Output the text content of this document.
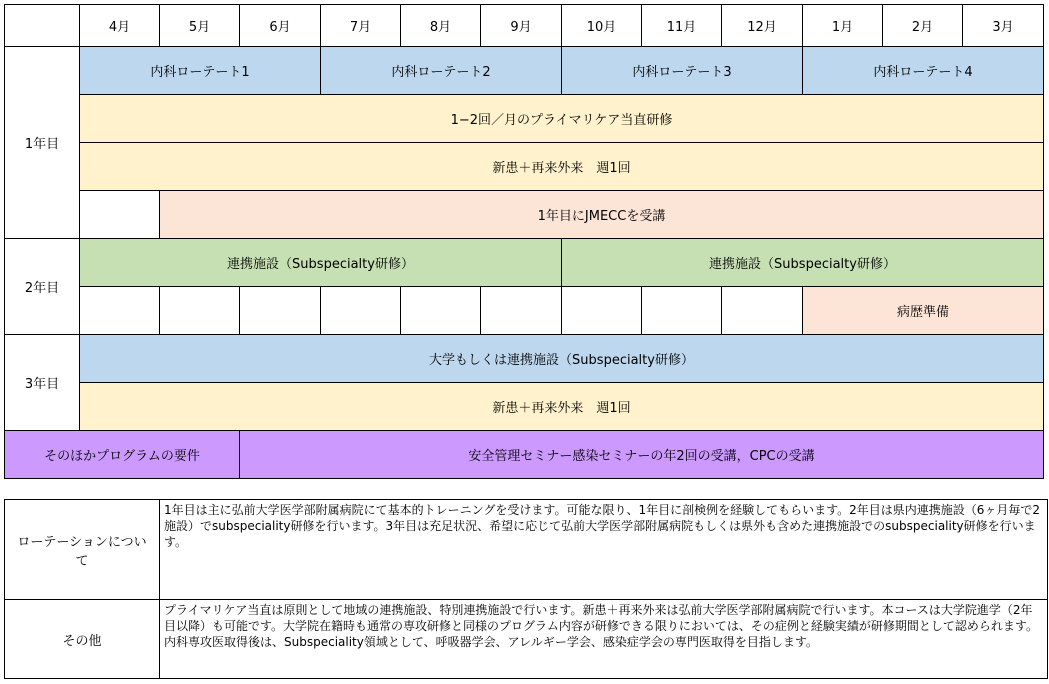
	4月	5月	6月	7月	8月	9月	10月	11月	12月	1月	2月	3月
1年目	内科ローテート1			内科ローテート2			内科ローテート3			内科ローテート4		
	1−2回／月のプライマリケア当直研修											
	新患＋再来外来　週1回											
		1年目にJMECCを受講										
2年目	連携施設（Subspecialty研修）						連携施設（Subspecialty研修）					
										病歴準備		
3年目	大学もしくは連携施設（Subspecialty研修）											
	新患＋再来外来　週1回											
そのほかプログラムの要件			安全管理セミナー感染セミナーの年2回の受講，CPCの受講									
ローテーションについて	1年目は主に弘前大学医学部附属病院にて基本的トレーニングを受けます。可能な限り、1年目に剖検例を経験してもらいます。2年目は県内連携施設（6ヶ月毎で2施設）でsubspeciality研修を行います。3年目は充足状況、希望に応じて弘前大学医学部附属病院もしくは県外も含めた連携施設でのsubspeciality研修を行います。
その他	プライマリケア当直は原則として地域の連携施設、特別連携施設で行います。新患＋再来外来は弘前大学医学部附属病院で行います。本コースは大学院進学（2年目以降）も可能です。大学院在籍時も通常の専攻研修と同様のプログラム内容が研修できる限りにおいては、その症例と経験実績が研修期間として認められます。内科専攻医取得後は、Subspeciality領域として、呼吸器学会、アレルギー学会、感染症学会の専門医取得を目指します。
